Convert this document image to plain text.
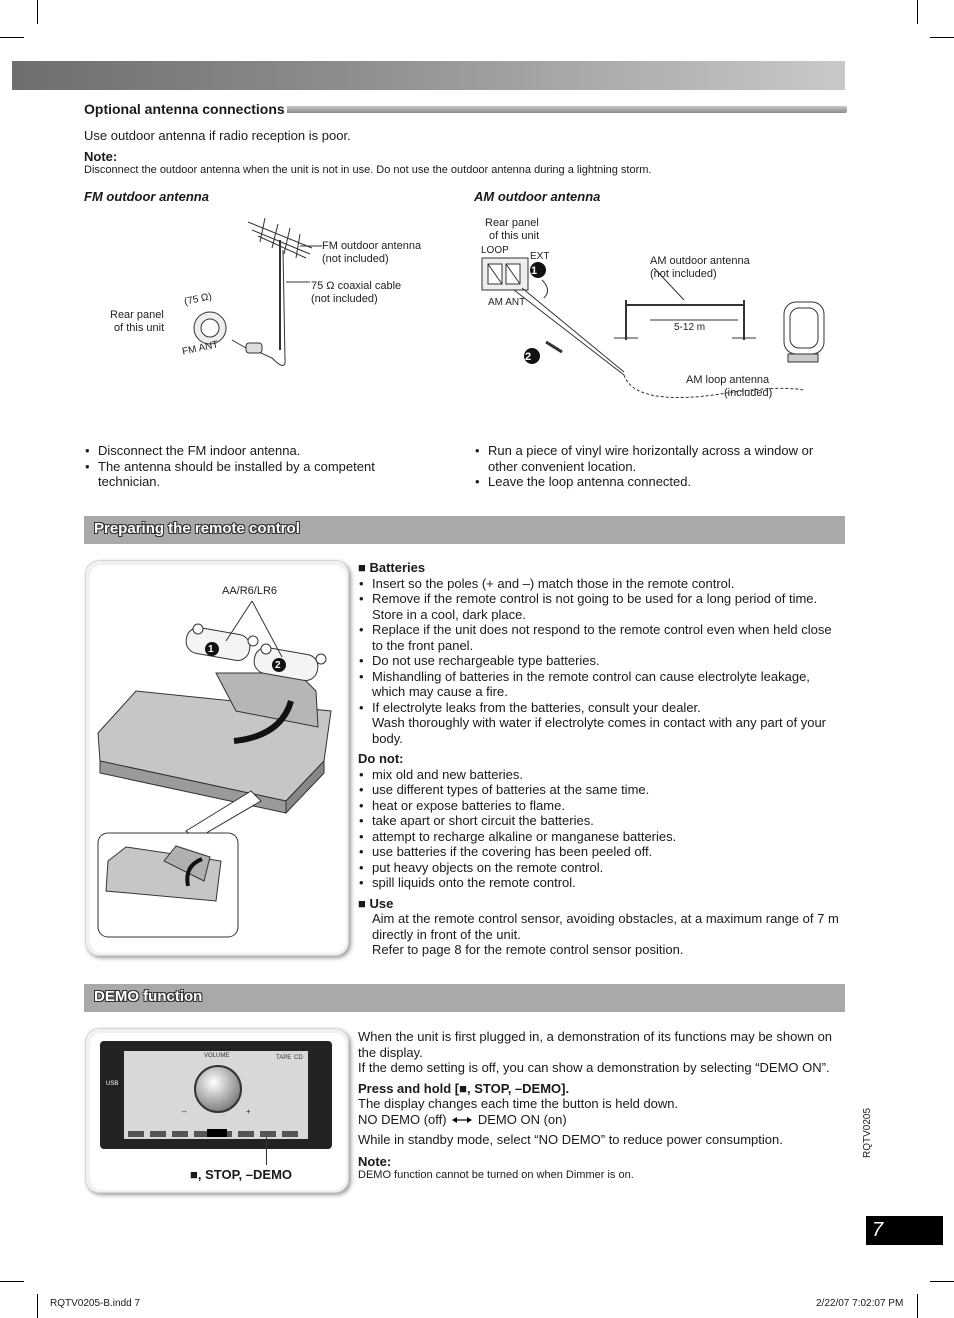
Optional antenna connections
Use outdoor antenna if radio reception is poor.
Note:
Disconnect the outdoor antenna when the unit is not in use. Do not use the outdoor antenna during a lightning storm.
FM outdoor antenna	AM outdoor antenna
FM outdoor antenna
(not included)
75 Ω coaxial cable
(not included)
Rear panel
of this unit
(75 Ω)
FM ANT
1
2
Rear panel
of this unit
LOOP
EXT
AM ANT
AM outdoor antenna
(not included)
5-12 m
AM loop antenna
(included)
• Disconnect the FM indoor antenna.
• The antenna should be installed by a competent technician.
• Run a piece of vinyl wire horizontally across a window or other convenient location.
• Leave the loop antenna connected.
Preparing the remote control
AA/R6/LR6
1
2
■ Batteries
• Insert so the poles (+ and –) match those in the remote control.
• Remove if the remote control is not going to be used for a long period of time. Store in a cool, dark place.
• Replace if the unit does not respond to the remote control even when held close to the front panel.
• Do not use rechargeable type batteries.
• Mishandling of batteries in the remote control can cause electrolyte leakage, which may cause a fire.
• If electrolyte leaks from the batteries, consult your dealer.
Wash thoroughly with water if electrolyte comes in contact with any part of your body.
Do not:
• mix old and new batteries.
• use different types of batteries at the same time.
• heat or expose batteries to flame.
• take apart or short circuit the batteries.
• attempt to recharge alkaline or manganese batteries.
• use batteries if the covering has been peeled off.
• put heavy objects on the remote control.
• spill liquids onto the remote control.
■ Use
Aim at the remote control sensor, avoiding obstacles, at a maximum range of 7 m directly in front of the unit.
Refer to page 8 for the remote control sensor position.
DEMO function
VOLUME	TAPE CD
USB
–	+
■, STOP, –DEMO
When the unit is first plugged in, a demonstration of its functions may be shown on the display.
If the demo setting is off, you can show a demonstration by selecting “DEMO ON”.
Press and hold [■, STOP, –DEMO].
The display changes each time the button is held down.
NO DEMO (off) DEMO ON (on)
While in standby mode, select “NO DEMO” to reduce power consumption.
Note:
DEMO function cannot be turned on when Dimmer is on.
RQTV0205
7
RQTV0205-B.indd 7	2/22/07 7:02:07 PM
